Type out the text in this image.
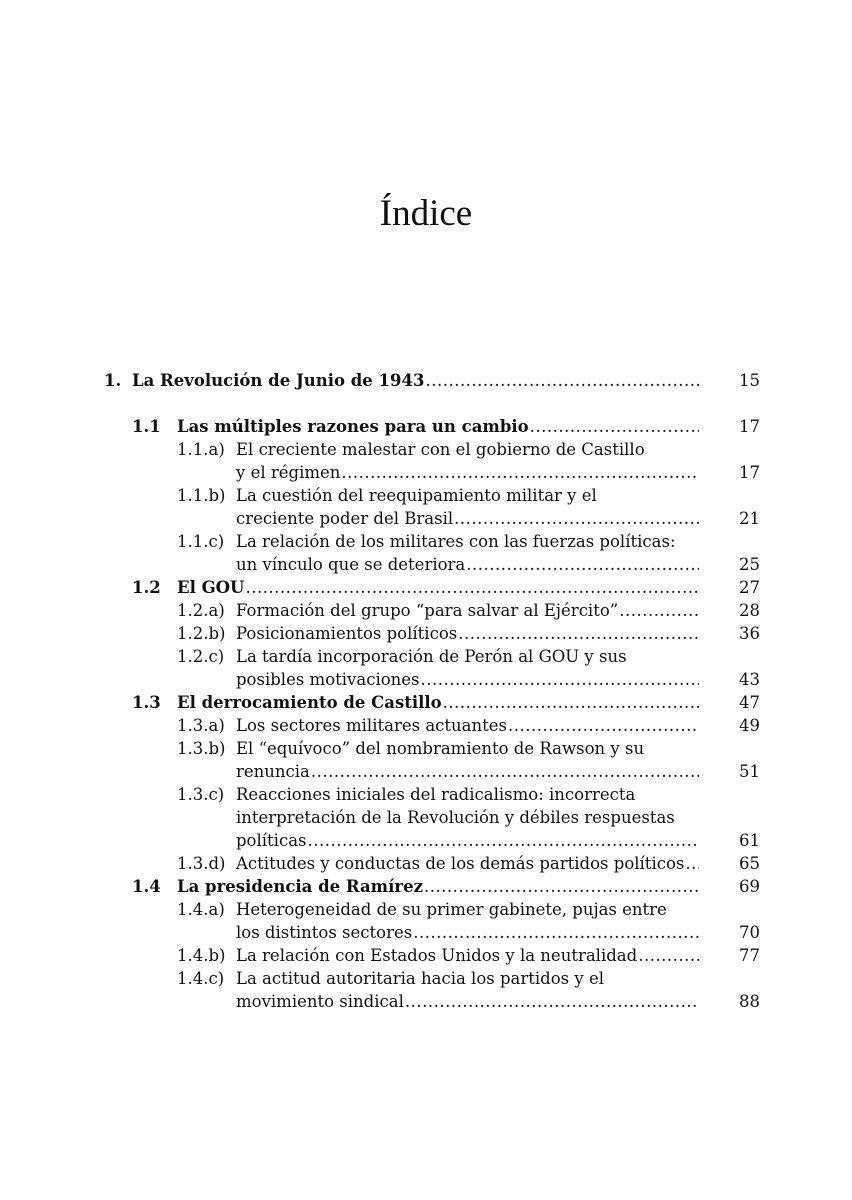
Índice
1. La Revolución de Junio de 1943 .....	15
1.1 Las múltiples razones para un cambio .....	17
1.1.a) El creciente malestar con el gobierno de Castillo
y el régimen .....	17
1.1.b) La cuestión del reequipamiento militar y el
creciente poder del Brasil .....	21
1.1.c) La relación de los militares con las fuerzas políticas:
un vínculo que se deteriora .....	25
1.2 El GOU .....	27
1.2.a) Formación del grupo “para salvar al Ejército” .....	28
1.2.b) Posicionamientos políticos .....	36
1.2.c) La tardía incorporación de Perón al GOU y sus
posibles motivaciones .....	43
1.3 El derrocamiento de Castillo .....	47
1.3.a) Los sectores militares actuantes .....	49
1.3.b) El “equívoco” del nombramiento de Rawson y su
renuncia .....	51
1.3.c) Reacciones iniciales del radicalismo: incorrecta
interpretación de la Revolución y débiles respuestas
políticas .....	61
1.3.d) Actitudes y conductas de los demás partidos políticos .....	65
1.4 La presidencia de Ramírez .....	69
1.4.a) Heterogeneidad de su primer gabinete, pujas entre
los distintos sectores .....	70
1.4.b) La relación con Estados Unidos y la neutralidad .....	77
1.4.c) La actitud autoritaria hacia los partidos y el
movimiento sindical .....	88
